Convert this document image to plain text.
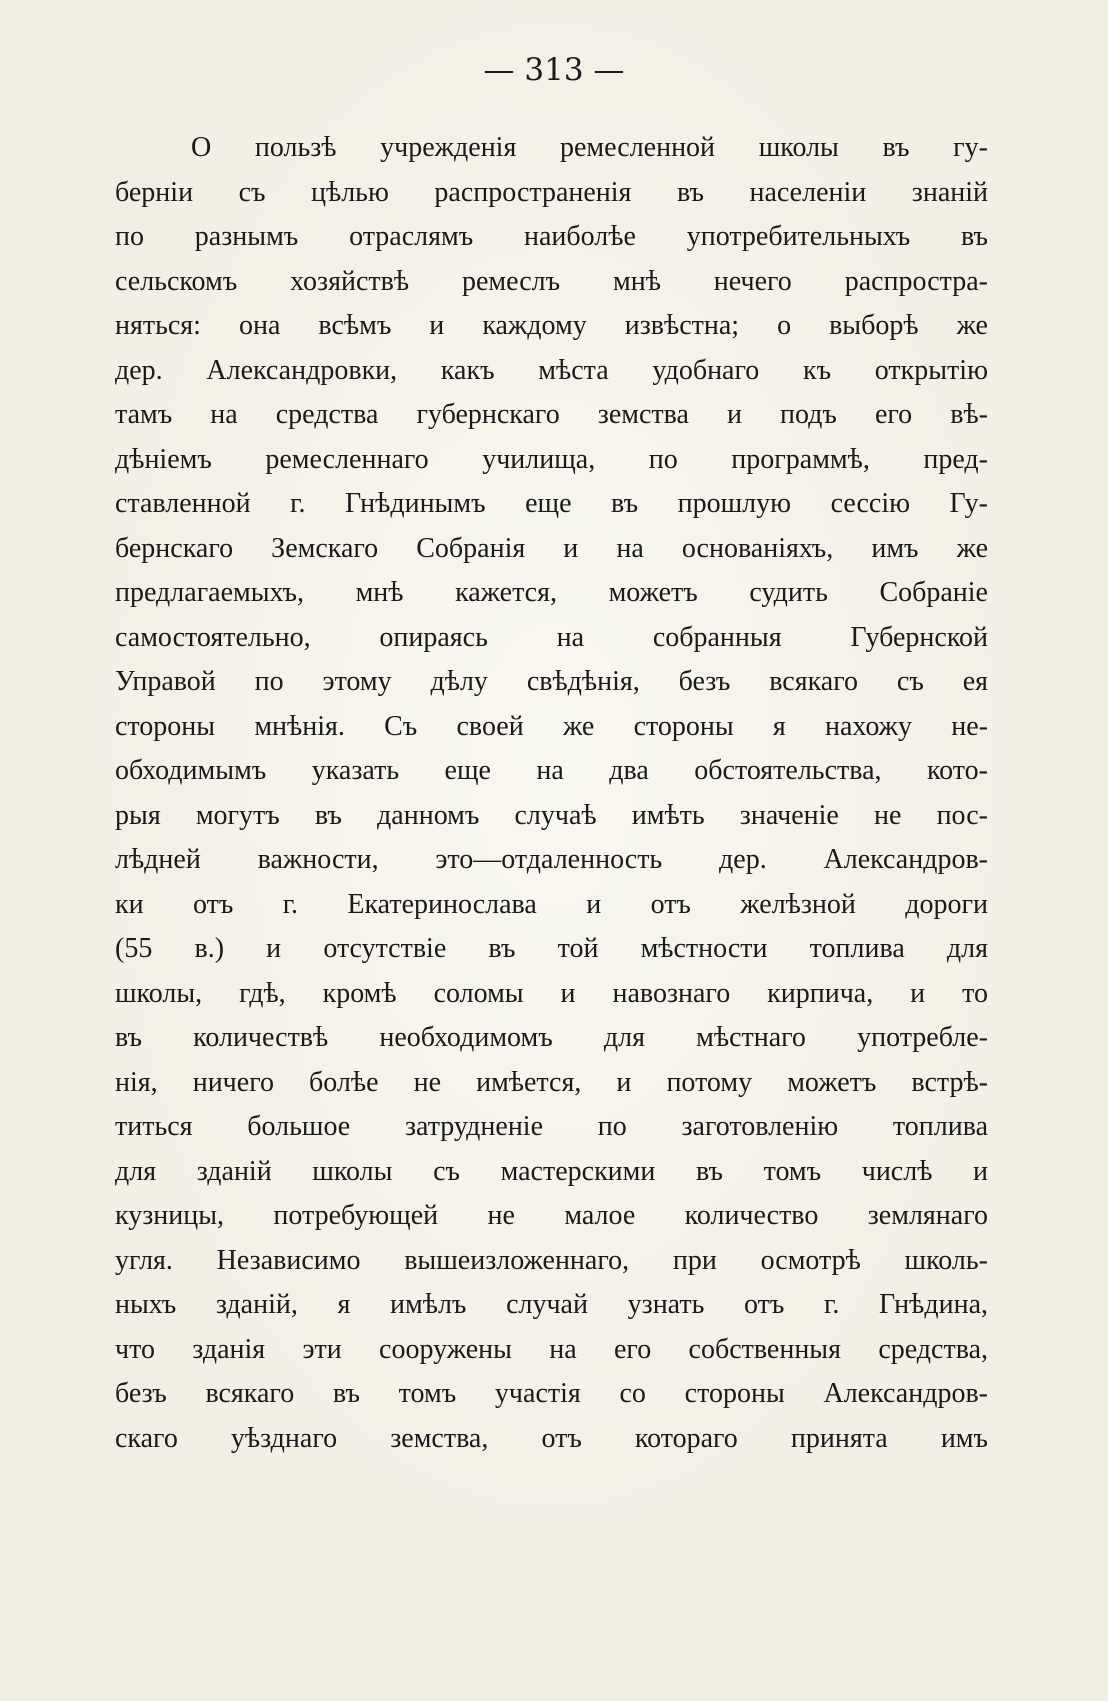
— 313 —

О пользѣ учрежденія ремесленной школы въ гу-
берніи съ цѣлью распространенія въ населеніи знаній
по разнымъ отраслямъ наиболѣе употребительныхъ въ
сельскомъ хозяйствѣ ремеслъ мнѣ нечего распростра-
няться: она всѣмъ и каждому извѣстна; о выборѣ же
дер. Александровки, какъ мѣста удобнаго къ открытію
тамъ на средства губернскаго земства и подъ его вѣ-
дѣніемъ ремесленнаго училища, по программѣ, пред-
ставленной г. Гнѣдинымъ еще въ прошлую сессію Гу-
бернскаго Земскаго Собранія и на основаніяхъ, имъ же
предлагаемыхъ, мнѣ кажется, можетъ судить Собраніе
самостоятельно, опираясь на собранныя Губернской
Управой по этому дѣлу свѣдѣнія, безъ всякаго съ ея
стороны мнѣнія. Съ своей же стороны я нахожу не-
обходимымъ указать еще на два обстоятельства, кото-
рыя могутъ въ данномъ случаѣ имѣть значеніе не пос-
лѣдней важности, это—отдаленность дер. Александров-
ки отъ г. Екатеринослава и отъ желѣзной дороги
(55 в.) и отсутствіе въ той мѣстности топлива для
школы, гдѣ, кромѣ соломы и навознаго кирпича, и то
въ количествѣ необходимомъ для мѣстнаго употребле-
нія, ничего болѣе не имѣется, и потому можетъ встрѣ-
титься большое затрудненіе по заготовленію топлива
для зданій школы съ мастерскими въ томъ числѣ и
кузницы, потребующей не малое количество землянаго
угля. Независимо вышеизложеннаго, при осмотрѣ школь-
ныхъ зданій, я имѣлъ случай узнать отъ г. Гнѣдина,
что зданія эти сооружены на его собственныя средства,
безъ всякаго въ томъ участія со стороны Александров-
скаго уѣзднаго земства, отъ котораго принята имъ
